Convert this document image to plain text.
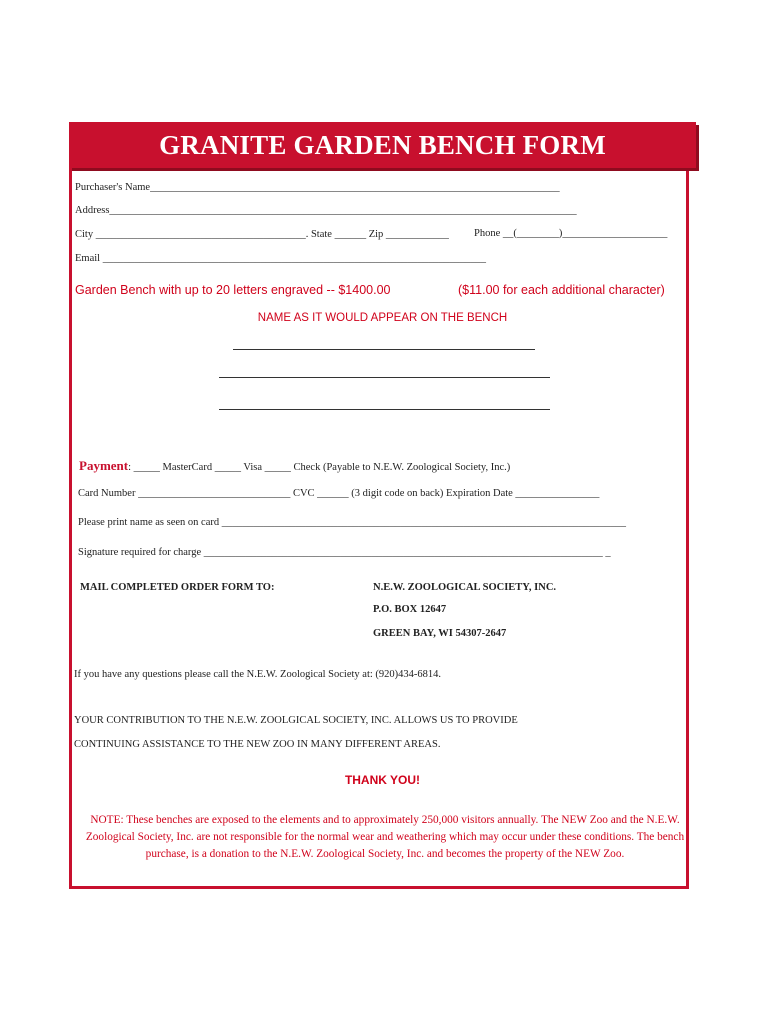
GRANITE GARDEN BENCH FORM
Purchaser's Name______________________________________________________________________________
Address_________________________________________________________________________________________
City ________________________________________. State ______ Zip ____________ Phone __(________)____________________
Email _________________________________________________________________________
Garden Bench with up to 20 letters engraved -- $1400.00	($11.00 for each additional character)
NAME AS IT WOULD APPEAR ON THE BENCH
Payment: _____ MasterCard _____ Visa _____ Check (Payable to N.E.W. Zoological Society, Inc.)
Card Number _____________________________ CVC ______ (3 digit code on back) Expiration Date ________________
Please print name as seen on card _____________________________________________________________________________
Signature required for charge ____________________________________________________________________________ _
MAIL COMPLETED ORDER FORM TO:	N.E.W. ZOOLOGICAL SOCIETY, INC.
P.O. BOX 12647
GREEN BAY, WI 54307-2647
If you have any questions please call the N.E.W. Zoological Society at: (920)434-6814.
YOUR CONTRIBUTION TO THE N.E.W. ZOOLGICAL SOCIETY, INC. ALLOWS US TO PROVIDE
CONTINUING ASSISTANCE TO THE NEW ZOO IN MANY DIFFERENT AREAS.
THANK YOU!
NOTE: These benches are exposed to the elements and to approximately 250,000 visitors annually. The NEW Zoo and the N.E.W. Zoological Society, Inc. are not responsible for the normal wear and weathering which may occur under these conditions. The bench purchase, is a donation to the N.E.W. Zoological Society, Inc. and becomes the property of the NEW Zoo.
